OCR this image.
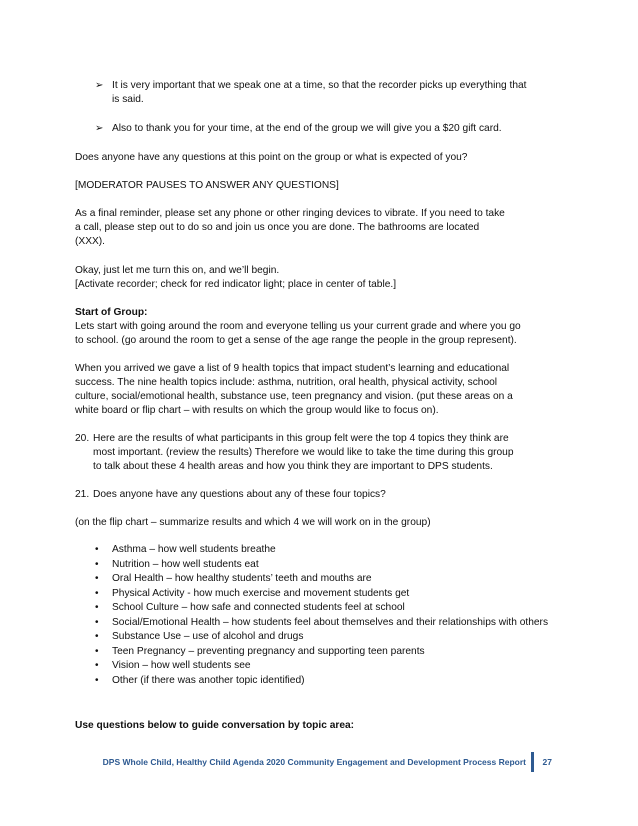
➢ It is very important that we speak one at a time, so that the recorder picks up everything that
is said.
➢ Also to thank you for your time, at the end of the group we will give you a $20 gift card.
Does anyone have any questions at this point on the group or what is expected of you?
[MODERATOR PAUSES TO ANSWER ANY QUESTIONS]
As a final reminder, please set any phone or other ringing devices to vibrate. If you need to take
a call, please step out to do so and join us once you are done. The bathrooms are located
(XXX).
Okay, just let me turn this on, and we’ll begin.
[Activate recorder; check for red indicator light; place in center of table.]
Start of Group:
Lets start with going around the room and everyone telling us your current grade and where you go
to school. (go around the room to get a sense of the age range the people in the group represent).
When you arrived we gave a list of 9 health topics that impact student’s learning and educational
success. The nine health topics include: asthma, nutrition, oral health, physical activity, school
culture, social/emotional health, substance use, teen pregnancy and vision. (put these areas on a
white board or flip chart – with results on which the group would like to focus on).
20. Here are the results of what participants in this group felt were the top 4 topics they think are
most important. (review the results) Therefore we would like to take the time during this group
to talk about these 4 health areas and how you think they are important to DPS students.
21. Does anyone have any questions about any of these four topics?
(on the flip chart – summarize results and which 4 we will work on in the group)
• Asthma – how well students breathe
• Nutrition – how well students eat
• Oral Health – how healthy students’ teeth and mouths are
• Physical Activity - how much exercise and movement students get
• School Culture – how safe and connected students feel at school
• Social/Emotional Health – how students feel about themselves and their relationships with others
• Substance Use – use of alcohol and drugs
• Teen Pregnancy – preventing pregnancy and supporting teen parents
• Vision – how well students see
• Other (if there was another topic identified)
Use questions below to guide conversation by topic area:
DPS Whole Child, Healthy Child Agenda 2020 Community Engagement and Development Process Report 27
